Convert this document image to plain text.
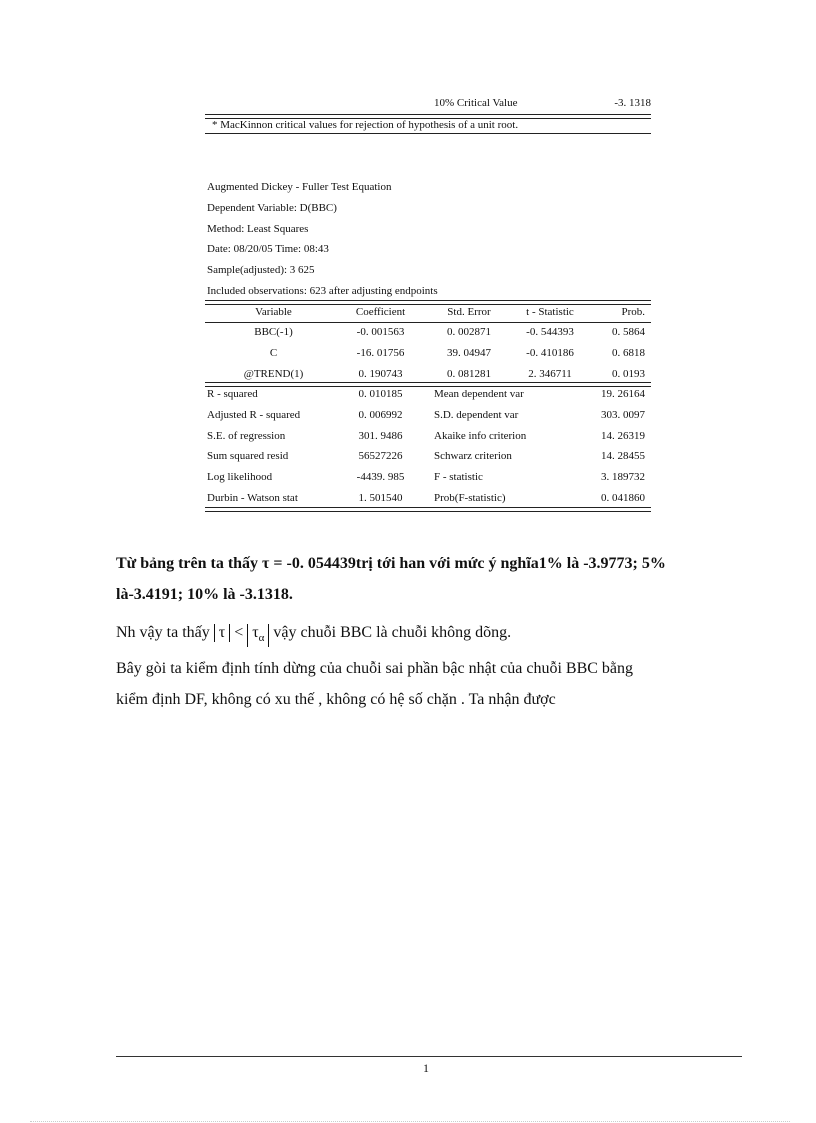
10% Critical Value	-3. 1318
* MacKinnon critical values for rejection of hypothesis of a unit root.
Augmented Dickey - Fuller Test Equation
Dependent Variable: D(BBC)
Method: Least Squares
Date: 08/20/05 Time: 08:43
Sample(adjusted): 3 625
Included observations: 623 after adjusting endpoints
Variable	Coefficient	Std. Error	t - Statistic	Prob.
BBC(-1)	-0. 001563	0. 002871	-0. 544393	0. 5864
C	-16. 01756	39. 04947	-0. 410186	0. 6818
@TREND(1)	0. 190743	0. 081281	2. 346711	0. 0193
R - squared	0. 010185	Mean dependent var	19. 26164
Adjusted R - squared	0. 006992	S.D. dependent var	303. 0097
S.E. of regression	301. 9486	Akaike info criterion	14. 26319
Sum squared resid	56527226	Schwarz criterion	14. 28455
Log likelihood	-4439. 985	F - statistic	3. 189732
Durbin - Watson stat	1. 501540	Prob(F-statistic)	0. 041860
Từ bảng trên ta thấy τ = -0. 054439trị tới han với mức ý nghĩa1% là -3.9773; 5%
là-3.4191; 10% là -3.1318.
Nh vậy ta thấy $\tau < \tau_\alpha$ vậy chuỗi BBC là chuỗi không dõng.
Bây gòi ta kiểm định tính dừng của chuỗi sai phần bậc nhật của chuỗi BBC bằng
kiểm định DF, không có xu thế , không có hệ số chặn . Ta nhận được
1
